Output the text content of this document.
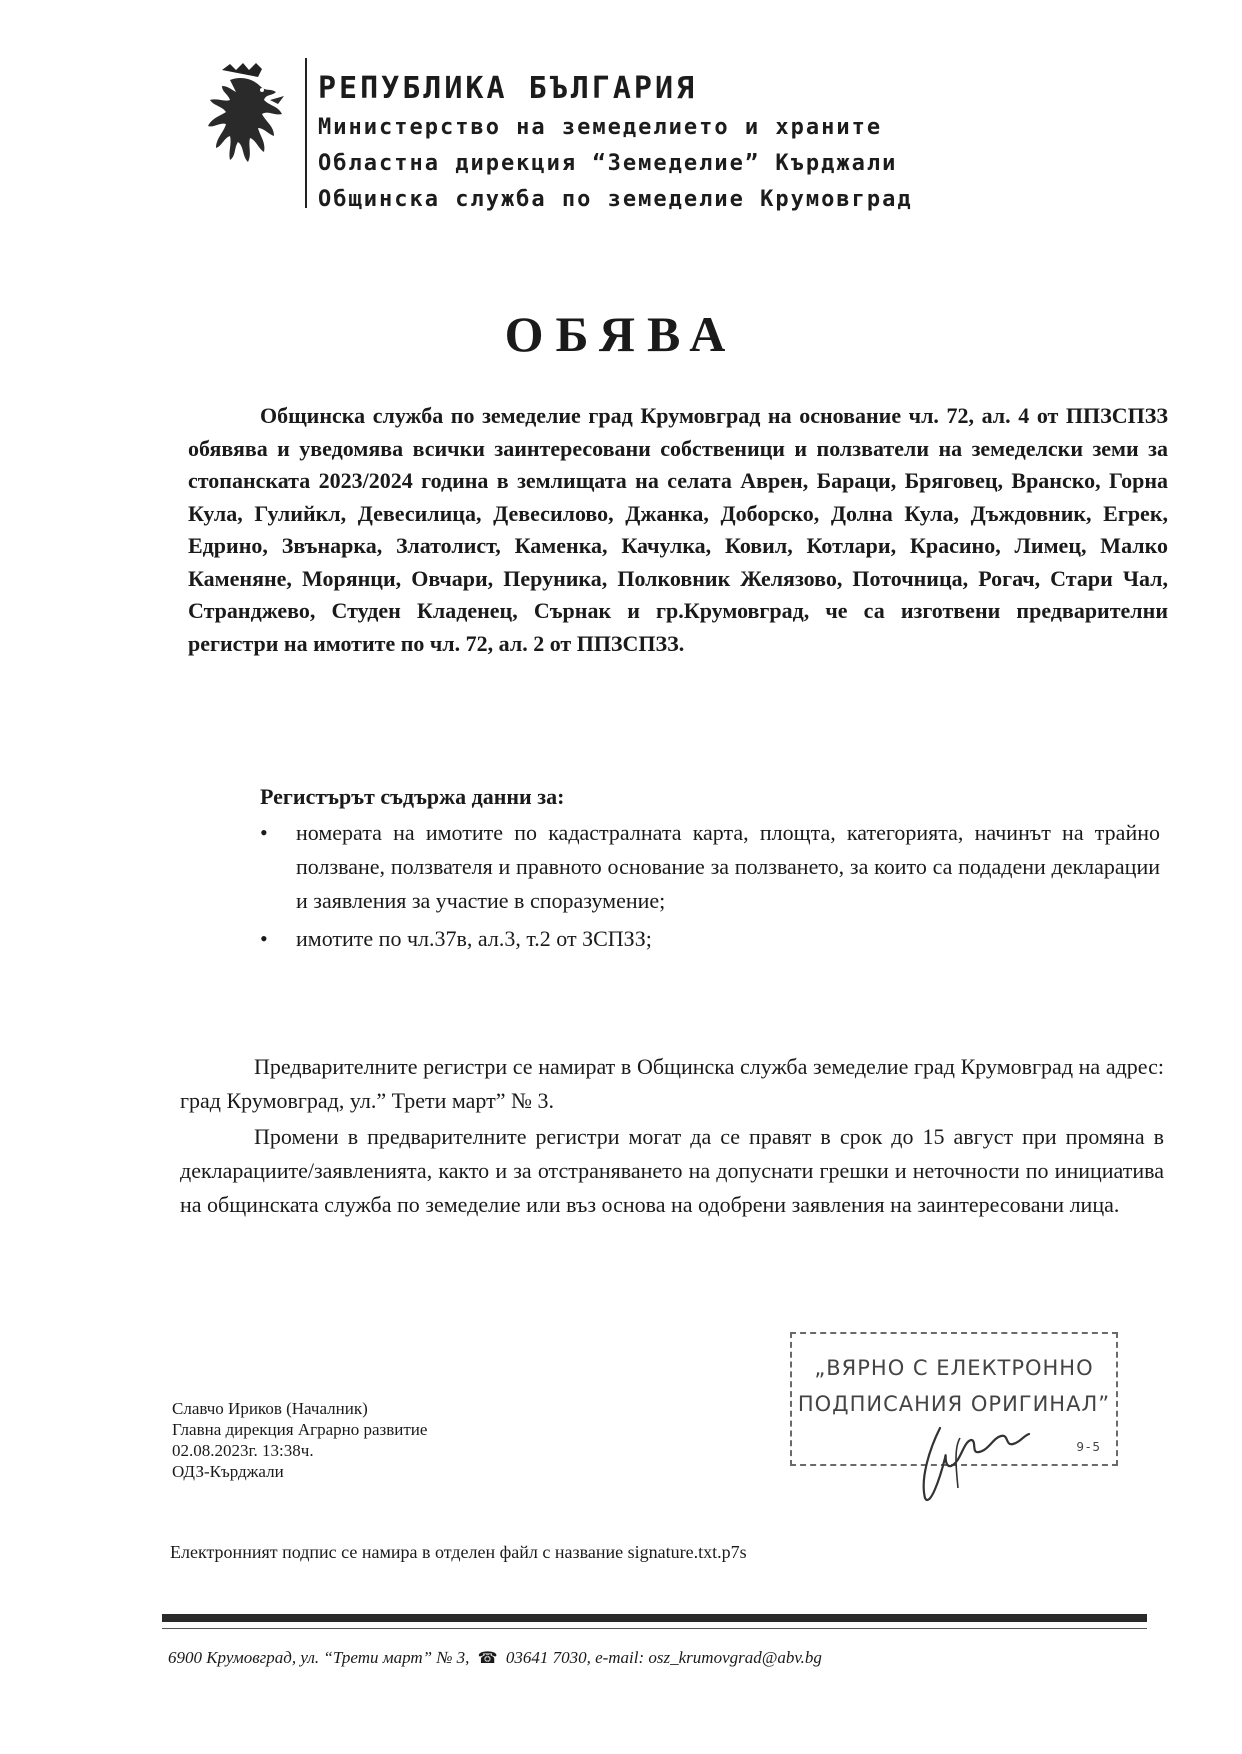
РЕПУБЛИКА БЪЛГАРИЯ
Министерство на земеделието и храните
Областна дирекция “Земеделие” Кърджали
Общинска служба по земеделие Крумовград
ОБЯВА
Общинска служба по земеделие град Крумовград на основание чл. 72, ал. 4 от ППЗСПЗЗ обявява и уведомява всички заинтересовани собственици и ползватели на земеделски земи за стопанската 2023/2024 година в землищата на селата Аврен, Бараци, Бряговец, Вранско, Горна Кула, Гулийкл, Девесилица, Девесилово, Джанка, Доборско, Долна Кула, Дъждовник, Егрек, Едрино, Звънарка, Златолист, Каменка, Качулка, Ковил, Котлари, Красино, Лимец, Малко Каменяне, Морянци, Овчари, Перуника, Полковник Желязово, Поточница, Рогач, Стари Чал, Странджево, Студен Кладенец, Сърнак и гр.Крумовград, че са изготвени предварителни регистри на имотите по чл. 72, ал. 2 от ППЗСПЗЗ.
Регистърът съдържа данни за:
• номерата на имотите по кадастралната карта, площта, категорията, начинът на трайно ползване, ползвателя и правното основание за ползването, за които са подадени декларации и заявления за участие в споразумение;
• имотите по чл.37в, ал.3, т.2 от ЗСПЗЗ;
Предварителните регистри се намират в Общинска служба земеделие град Крумовград на адрес: град Крумовград, ул.” Трети март” № 3.
Промени в предварителните регистри могат да се правят в срок до 15 август при промяна в декларациите/заявленията, както и за отстраняването на допуснати грешки и неточности по инициатива на общинската служба по земеделие или въз основа на одобрени заявления на заинтересовани лица.
Славчо Ириков (Началник)
Главна дирекция Аграрно развитие
02.08.2023г. 13:38ч.
ОДЗ-Кърджали
„ВЯРНО С ЕЛЕКТРОННО
ПОДПИСАНИЯ ОРИГИНАЛ”
9-5
Електронният подпис се намира в отделен файл с название signature.txt.p7s
6900 Крумовград, ул. “Трети март” № 3, ☎ 03641 7030, e-mail: osz_krumovgrad@abv.bg
